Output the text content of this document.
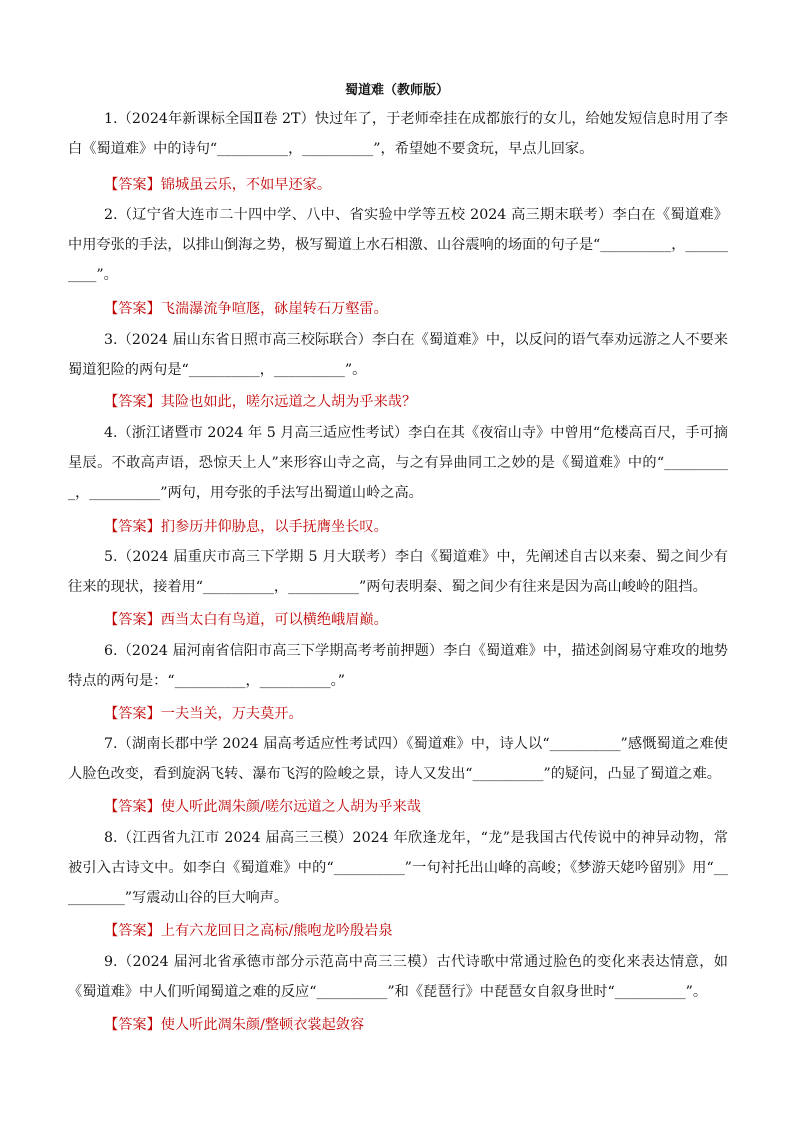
蜀道难（教师版）
1.（2024年新课标全国Ⅱ卷 2T）快过年了，于老师牵挂在成都旅行的女儿，给她发短信息时用了李白《蜀道难》中的诗句“__________，__________”，希望她不要贪玩，早点儿回家。
【答案】锦城虽云乐，不如早还家。
2.（辽宁省大连市二十四中学、八中、省实验中学等五校 2024 高三期末联考）李白在《蜀道难》中用夸张的手法，以排山倒海之势，极写蜀道上水石相激、山谷震响的场面的句子是“__________，__________”。
【答案】飞湍瀑流争喧豗，砯崖转石万壑雷。
3.（2024 届山东省日照市高三校际联合）李白在《蜀道难》中，以反问的语气奉劝远游之人不要来蜀道犯险的两句是“__________，__________”。
【答案】其险也如此，嗟尔远道之人胡为乎来哉？
4.（浙江诸暨市 2024 年 5 月高三适应性考试）李白在其《夜宿山寺》中曾用“危楼高百尺，手可摘星辰。不敢高声语，恐惊天上人”来形容山寺之高，与之有异曲同工之妙的是《蜀道难》中的“__________，__________”两句，用夸张的手法写出蜀道山岭之高。
【答案】扪参历井仰胁息，以手抚膺坐长叹。
5.（2024 届重庆市高三下学期 5 月大联考）李白《蜀道难》中，先阐述自古以来秦、蜀之间少有往来的现状，接着用“__________，__________”两句表明秦、蜀之间少有往来是因为高山峻岭的阻挡。
【答案】西当太白有鸟道，可以横绝峨眉巅。
6.（2024 届河南省信阳市高三下学期高考考前押题）李白《蜀道难》中，描述剑阁易守难攻的地势特点的两句是：“__________，__________。”
【答案】一夫当关，万夫莫开。
7.（湖南长郡中学 2024 届高考适应性考试四）《蜀道难》中，诗人以“__________”感慨蜀道之难使人脸色改变，看到旋涡飞转、瀑布飞泻的险峻之景，诗人又发出“__________”的疑问，凸显了蜀道之难。
【答案】使人听此凋朱颜/嗟尔远道之人胡为乎来哉
8.（江西省九江市 2024 届高三三模）2024 年欣逢龙年，“龙”是我国古代传说中的神异动物，常被引入古诗文中。如李白《蜀道难》中的“__________”一句衬托出山峰的高峻；《梦游天姥吟留别》用“__________”写震动山谷的巨大响声。
【答案】上有六龙回日之高标/熊咆龙吟殷岩泉
9.（2024 届河北省承德市部分示范高中高三三模）古代诗歌中常通过脸色的变化来表达情意，如《蜀道难》中人们听闻蜀道之难的反应“__________”和《琵琶行》中琵琶女自叙身世时“__________”。
【答案】使人听此凋朱颜/整顿衣裳起敛容
